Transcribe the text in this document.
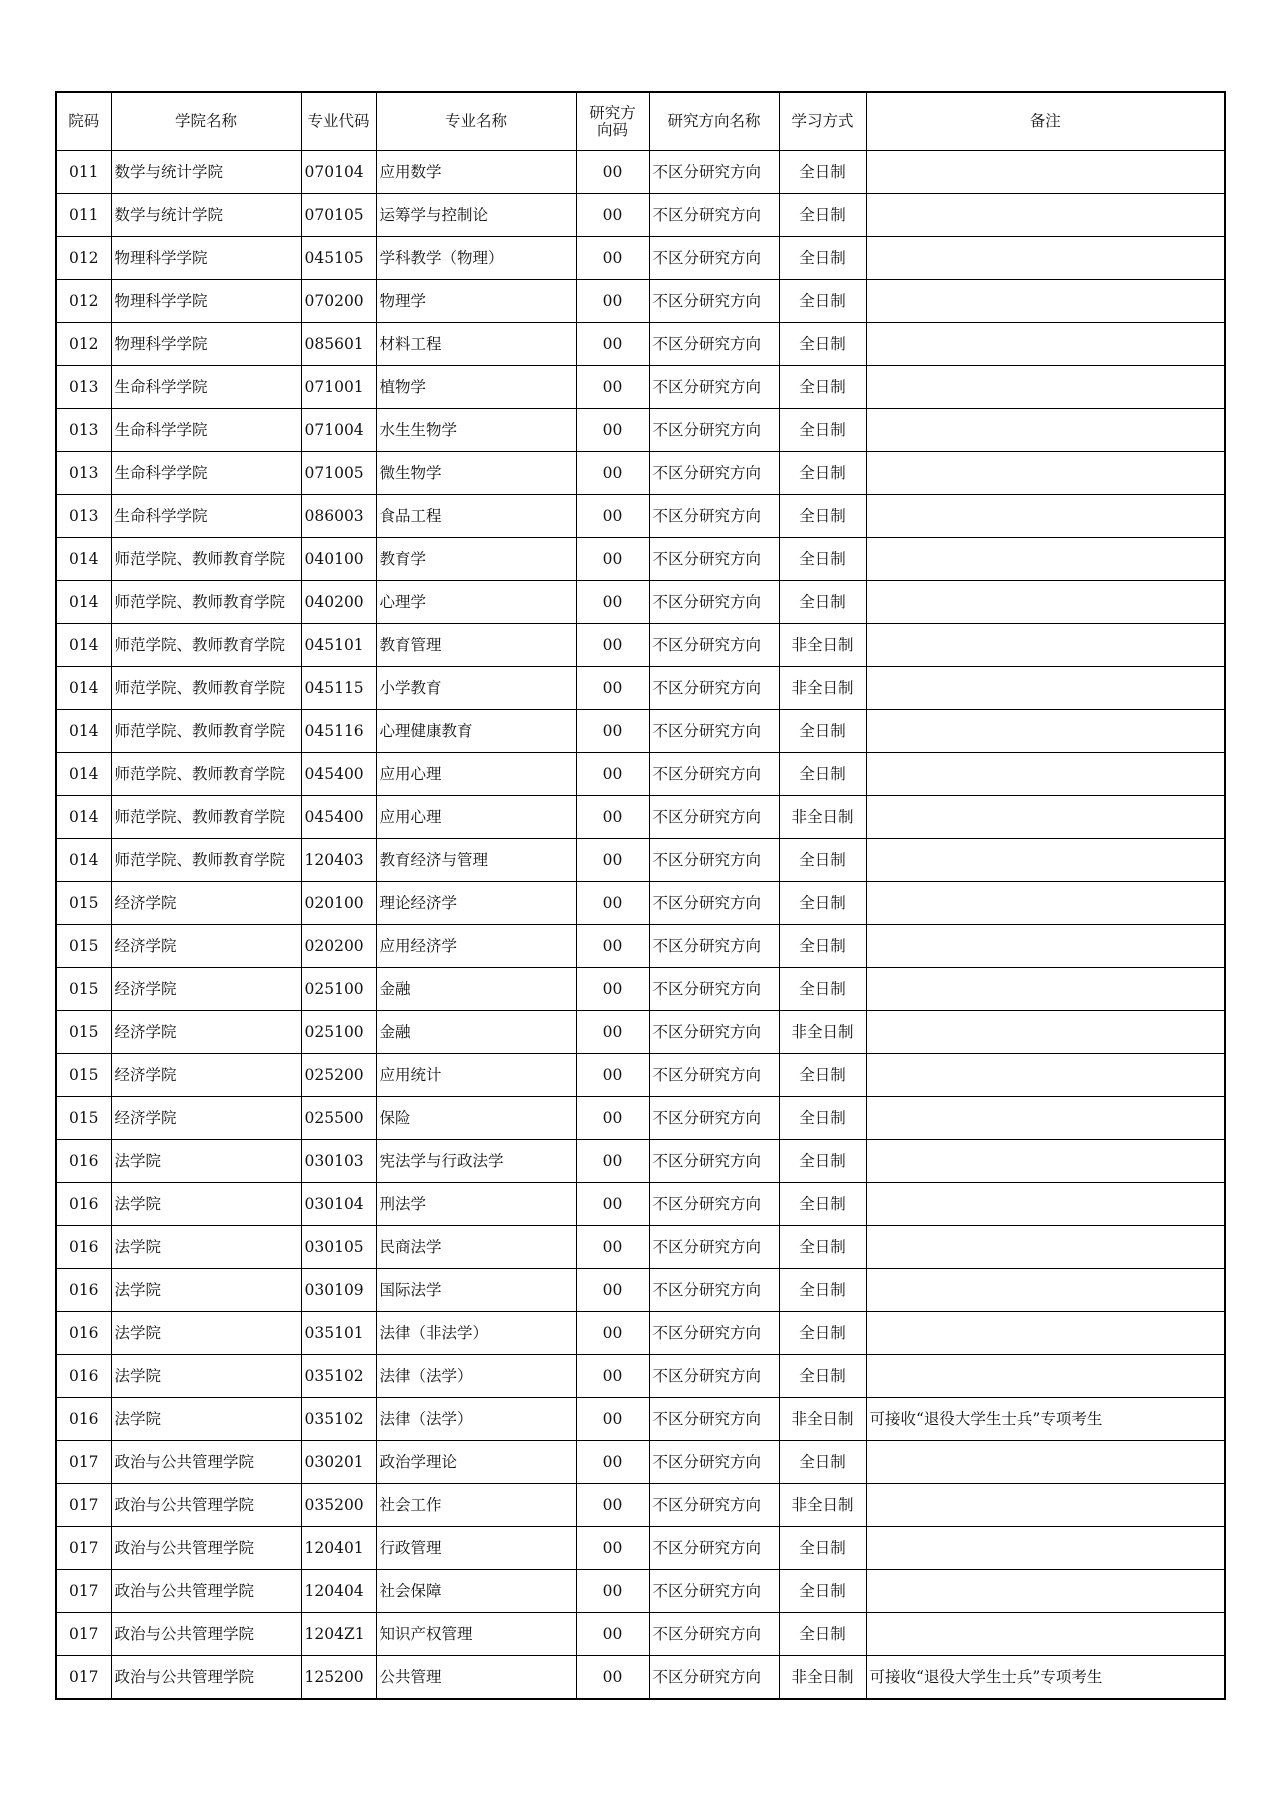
院码	学院名称	专业代码	专业名称	研究方向码	研究方向名称	学习方式	备注
011	数学与统计学院	070104	应用数学	00	不区分研究方向	全日制	
011	数学与统计学院	070105	运筹学与控制论	00	不区分研究方向	全日制	
012	物理科学学院	045105	学科教学（物理）	00	不区分研究方向	全日制	
012	物理科学学院	070200	物理学	00	不区分研究方向	全日制	
012	物理科学学院	085601	材料工程	00	不区分研究方向	全日制	
013	生命科学学院	071001	植物学	00	不区分研究方向	全日制	
013	生命科学学院	071004	水生生物学	00	不区分研究方向	全日制	
013	生命科学学院	071005	微生物学	00	不区分研究方向	全日制	
013	生命科学学院	086003	食品工程	00	不区分研究方向	全日制	
014	师范学院、教师教育学院	040100	教育学	00	不区分研究方向	全日制	
014	师范学院、教师教育学院	040200	心理学	00	不区分研究方向	全日制	
014	师范学院、教师教育学院	045101	教育管理	00	不区分研究方向	非全日制	
014	师范学院、教师教育学院	045115	小学教育	00	不区分研究方向	非全日制	
014	师范学院、教师教育学院	045116	心理健康教育	00	不区分研究方向	全日制	
014	师范学院、教师教育学院	045400	应用心理	00	不区分研究方向	全日制	
014	师范学院、教师教育学院	045400	应用心理	00	不区分研究方向	非全日制	
014	师范学院、教师教育学院	120403	教育经济与管理	00	不区分研究方向	全日制	
015	经济学院	020100	理论经济学	00	不区分研究方向	全日制	
015	经济学院	020200	应用经济学	00	不区分研究方向	全日制	
015	经济学院	025100	金融	00	不区分研究方向	全日制	
015	经济学院	025100	金融	00	不区分研究方向	非全日制	
015	经济学院	025200	应用统计	00	不区分研究方向	全日制	
015	经济学院	025500	保险	00	不区分研究方向	全日制	
016	法学院	030103	宪法学与行政法学	00	不区分研究方向	全日制	
016	法学院	030104	刑法学	00	不区分研究方向	全日制	
016	法学院	030105	民商法学	00	不区分研究方向	全日制	
016	法学院	030109	国际法学	00	不区分研究方向	全日制	
016	法学院	035101	法律（非法学）	00	不区分研究方向	全日制	
016	法学院	035102	法律（法学）	00	不区分研究方向	全日制	
016	法学院	035102	法律（法学）	00	不区分研究方向	非全日制	可接收“退役大学生士兵”专项考生
017	政治与公共管理学院	030201	政治学理论	00	不区分研究方向	全日制	
017	政治与公共管理学院	035200	社会工作	00	不区分研究方向	非全日制	
017	政治与公共管理学院	120401	行政管理	00	不区分研究方向	全日制	
017	政治与公共管理学院	120404	社会保障	00	不区分研究方向	全日制	
017	政治与公共管理学院	1204Z1	知识产权管理	00	不区分研究方向	全日制	
017	政治与公共管理学院	125200	公共管理	00	不区分研究方向	非全日制	可接收“退役大学生士兵”专项考生
